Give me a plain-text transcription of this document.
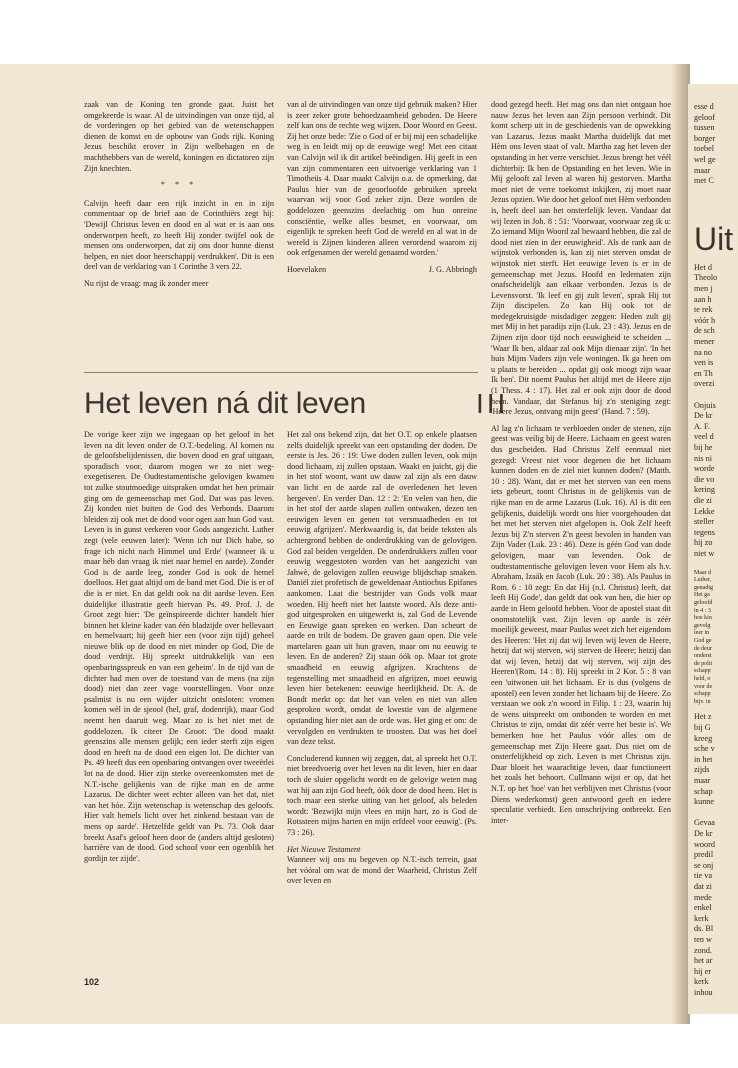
zaak van de Koning ten gronde gaat. Juist het omgekeerde is waar. Al de uitvindingen van onze tijd, al de vorderingen op het gebied van de wetenschappen dienen de komst en de opbouw van Gods rijk. Koning Jezus beschikt erover in Zijn welbehagen en de machthebbers van de wereld, koningen en dictatoren zijn Zijn knechten.

* * *

Calvijn heeft daar een rijk inzicht in en in zijn commentaar op de brief aan de Corinthiërs zegt hij: 'Dewijl Christus leven en dood en al wat er is aan ons onderworpen heeft, zo heeft Hij zonder twijfel ook de mensen ons onderworpen, dat zij ons door hunne dienst helpen, en niet door heerschappij verdrukken'. Dit is een deel van de verklaring van 1 Corinthe 3 vers 22.

Nu rijst de vraag: mag ik zonder meer

van al de uitvindingen van onze tijd gebruik maken? Hier is zeer zeker grote behoedzaamheid geboden. De Heere zelf kan ons de rechte weg wijzen. Door Woord en Geest. Zij het onze bede: 'Zie o God of er bij mij een schadelijke weg is en leidt mij op de eeuwige weg! Met een citaat van Calvijn wil ik dit artikel beëindigen. Hij geeft in een van zijn commentaren een uitvoerige verklaring van 1 Timotheüs 4. Daar maakt Calvijn o.a. de opmerking, dat Paulus hier van de geoorloofde gebruiken spreekt waarvan wij voor God zeker zijn. Deze worden de goddelozen geenszins deelachtig om hun onreine consciëntie, welke alles besmet, en voorwaar, om eigenlijk te spreken heeft God de wereld en al wat in de wereld is Zijnen kinderen alleen verordend waarom zij ook erfgenamen der wereld genaamd worden.'

Hoevelaken	J. G. Abbringh
Het leven ná dit leven	III

De vorige keer zijn we ingegaan op het geloof in het leven na dit leven onder de O.T.-bedeling. Al komen nu de geloofsbelijdenissen, die boven dood en graf uitgaan, sporadisch voor, daarom mogen we zo niet weg-exegetiseren. De Oudtestamentische gelovigen kwamen tot zulke stoutmoedige uitspraken omdat het hen primair ging om de gemeenschap met God. Dat was pas leven. Zij konden niet buiten de God des Verbonds. Daarom bleiden zij ook met de dood voor ogen aan hun God vast. Leven is in gunst verkeren voor Gods aangezicht. Luther zegt (vele eeuwen later): 'Wenn ich nur Dich habe, so frage ich nicht nach Himmel und Erde' (wanneer ik u maar héb dan vraag ik niet naar hemel en aarde). Zonder God is de aarde leeg, zonder God is ook de hemel doelloos. Het gaat altijd om de band met God. Die is er of die is er niet. En dat geldt ook na dit aardse leven. Een duidelijke illustratie geeft hiervan Ps. 49. Prof. J. de Groot zegt hier: 'De geïnspireerde dichter handelt hier binnen het kleine kader van één bladzijde over hellevaart en hemelvaart; hij geeft hier een (voor zijn tijd) geheel nieuwe blik op de dood en niet minder op God, Die de dood verdrijt. Hij spreekt uitdrukkelijk van een openbaringsspreuk en van een geheim'. In de tijd van de dichter had men over de toestand van de mens (na zijn dood) niet dan zeer vage voorstellingen. Voor onze psalmist is nu een wijder uitzicht ontsloten: vromen komen wèl in de sjeool (hel, graf, dodenrijk), maar God neemt hen daaruit weg. Maar zo is het niet met de goddelozen. Ik citeer De Groot: 'De dood maakt geenszins alle mensen gelijk; een ieder sterft zijn eigen dood en heeft na de dood een eigen lot. De dichter van Ps. 49 heeft dus een openbaring ontvangen over tweeërlei lot na de dood. Hier zijn sterke overeenkomsten met de N.T.-ische gelijkenis van de rijke man en de arme Lazarus. De dichter weet echter alleen van het dat, niet van het hóe. Zijn wetenschap is wetenschap des geloofs. Hier valt hemels licht over het zinkend bestaan van de mens op aarde'. Hetzelfde geldt van Ps. 73. Ook daar breekt Asaf's geloof heen door de (anders altijd gesloten) barrière van de dood. God schoof voor een ogenblik het gordijn ter zijde'.

Het zal ons bekend zijn, dat het O.T. op enkele plaatsen zelfs duidelijk spreekt van een opstanding der doden. De eerste is Jes. 26 : 19: Uwe doden zullen leven, ook mijn dood lichaam, zij zullen opstaan. Waakt en juicht, gij die in het stof woont, want uw dauw zal zijn als een dauw van licht en de aarde zal de overledenen het leven hergeven'. En verder Dan. 12 : 2: 'En velen van hen, die in het stof der aarde slapen zullen ontwaken, dezen ten eeuwigen leven en genen tot versmaadheden en tot eeuwig afgrijzen'. Merkwaardig is, dat beide teksten als achtergrond hebben de onderdrukking van de gelovigen. God zal beiden vergelden. De onderdrukkers zullen voor eeuwig weggestoten worden van het aangezicht van Jahwè, de gelovigen zullen eeuwige blijdschap smaken. Daniël ziet profetisch de geweldenaar Antiochus Epifanes aankomen. Laat die bestrijder van Gods volk maar woeden. Hij heeft niet het laatste woord. Als deze anti-god uitgesproken en uitgewerkt is, zal God de Levende en Eeuwige gaan spreken en werken. Dan scheurt de aarde en trilt de bodem. De graven gaan open. Die vele martelaren gaan uit hun graven, maar om nu eeuwig te leven. En de anderen? Zij staan óók op. Maar tot grote smaadheid en eeuwig afgrijzen. Krachtens de tegenstelling met smaadheid en afgrijzen, moet eeuwig leven hier betekenen: eeuwige heerlijkheid. Dr. A. de Bondt merkt op: dat het van velen en niet van allen gesproken wordt, omdat de kwestie van de algemene opstanding hier niet aan de orde was. Het ging er om: de vervolgden en verdrukten te troosten. Dat was het doel van deze tekst.

Concluderend kunnen wij zeggen, dat, al spreekt het O.T. niet breedvoerig over het leven na dit leven, hier en daar toch de sluier opgelicht wordt en de gelovige weten mag wat hij aan zijn God heeft, óók door de dood heen. Het is toch maar een sterke uiting van het geloof, als beleden wordt: 'Bezwijkt mijn vlees en mijn hart, zo is God de Rotssteen mijns harten en mijn erfdeel voor eeuwig'. (Ps. 73 : 26).

Het Nieuwe Testament

Wanneer wij ons nu begeven op N.T.-isch terrein, gaat het vóóral om wat de mond der Waarheid, Christus Zelf over leven en

dood gezegd heeft. Het mag ons dan niet ontgaan hoe nauw Jezus het leven aan Zijn persoon verbindt. Dit komt scherp uit in de geschiedenis van de opwekking van Lazarus. Jezus maakt Martha duidelijk dat met Hèm ons leven staat of valt. Martha zag het leven der opstanding in het verre verschiet. Jezus brengt het véél dichterbij: Ik ben de Opstanding en het leven. Wie in Mij gelooft zal leven al waren hij gestorven. Martha moet niet de verre toekomst inkijken, zij moet naar Jezus opzien. Wie door het geloof met Hèm verbonden is, heeft deel aan het onsterfelijk leven. Vandaar dat wij lezen in Joh. 8 : 51: 'Voorwaar, voorwaar zeg ik u: Zo iemand Mijn Woord zal bewaard hebben, die zal de dood niet zien in der eeuwigheid'. Als de rank aan de wijnstok verbonden is, kan zij niet sterven omdat de wijnstok niet sterft. Het eeuwige leven is er in de gemeenschap met Jezus. Hoofd en ledematen zijn onafscheidelijk aan elkaar verbonden. Jezus is de Levensvorst. 'Ik leef en gij zult leven', sprak Hij tot Zijn discipelen. Zo kan Hij ook tot de medegekruisigde misdadiger zeggen: Heden zult gij met Mij in het paradijs zijn (Luk. 23 : 43). Jezus en de Zijnen zijn door tijd noch eeuwigheid te scheiden ... 'Waar Ik ben, aldaar zal ook Mijn dienaar zijn'. 'In het huis Mijns Vaders zijn vele woningen. Ik ga heen om u plaats te bereiden ... opdat gij ook moogt zijn waar Ik ben'. Dit noemt Paulus het altijd met de Heere zijn (1 Thess. 4 : 17). Het zal er ook zijn door de dood heen. Vandaar, dat Stefanus bij z'n steniging zegt: 'Heere Jezus, ontvang mijn geest' (Hand. 7 : 59).

Al lag z'n lichaam te verbloeden onder de stenen, zijn geest was veilig bij de Heere. Lichaam en geest waren dus gescheiden. Had Christus Zelf eenmaal niet gezegd: Vreest niet voor degenen die het lichaam kunnen doden en de ziel niet kunnen doden? (Matth. 10 : 28). Want, dat er met het sterven van een mens iets gebeurt, toont Christus in de gelijkenis van de rijke man en de arme Lazarus (Luk. 16). Al is dit een gelijkenis, duidelijk wordt ons hier voorgehouden dat het met het sterven niet afgelopen is. Ook Zelf heeft Jezus bij Z'n sterven Z'n geest bevolen in handen van Zijn Vader (Luk. 23 : 46). Deze is géén God van dode gelovigen, maar van levenden. Ook de oudtestamentische gelovigen leven voor Hem als h.v. Abraham, Izaäk en Jacob (Luk. 20 : 38). Als Paulus in Rom. 6 : 10 zegt: En dat Hij (n.l. Christus) leeft, dat leeft Hij Gode', dan geldt dat ook van hen, die hier op aarde in Hem geloofd hebben. Voor de apostel staat dit onomstotelijk vast. Zijn leven op aarde is zéér moeilijk geweest, maar Paulus weet zich het eigendom des Heeren: 'Het zij dat wij leven wij leven de Heere, hetzij dat wij sterven, wij sterven de Heere; hetzij dan dat wij leven, hetzij dat wij sterven, wij zijn des Heeren'(Rom. 14 : 8). Hij spreekt in 2 Kor. 5 : 8 van een 'uitwonen uit het lichaam. Er is dus (volgens de apostel) een leven zonder het lichaam bij de Heere. Zo verstaan we ook z'n woord in Filip. 1 : 23, waarin hij de wens uitspreekt om ontbonden te worden en met Christus te zijn, omdat dit zéér verre het beste is'. We bemerken hoe het Paulus vóór alles om de gemeenschap met Zijn Heere gaat. Dus niet om de onsterfelijkheid op zich. Leven is met Christus zijn. Daar bloeit het waarachtige leven, daar functioneert het zoals het behoort. Cullmann wijst er op, dat het N.T. op het 'hoe' van het verblijven met Christus (voor Diens wederkomst) geen antwoord geeft en iedere speculatie verbiedt. Een omschrijving ontbreekt. Een inter-

102
esse d
geloof
tussen
borger
toebel
wel ge
maar
met C
Uit
Het d
Theolo
men j
aan h
te rek
vóór h
de sch
mener
na no
ven is
en Th
overzi
Onjuis
De kr
A. F.
veel d
bij he
nis ni
worde
die vo
kering
die zi
Lekke
steller
tegens
hij zo
niet w
Maar d
Luther,
genadig
Het ga
geloofd
in 4 : 3
hoe kin
gevolg
leer in
God ge
de deur
onderst
de polit
schapp
held, o
voor de
schapp
bijv. in
Het z
bij G
kreeg
sche v
in het
zijds
maar
schap
kunne
Gevaa
De kr
woord
predil
se onj
tie va
dat zi
mede
enkel
kerk
ds. Bl
ten w
zond.
het ar
hij er
kerk
inhou
